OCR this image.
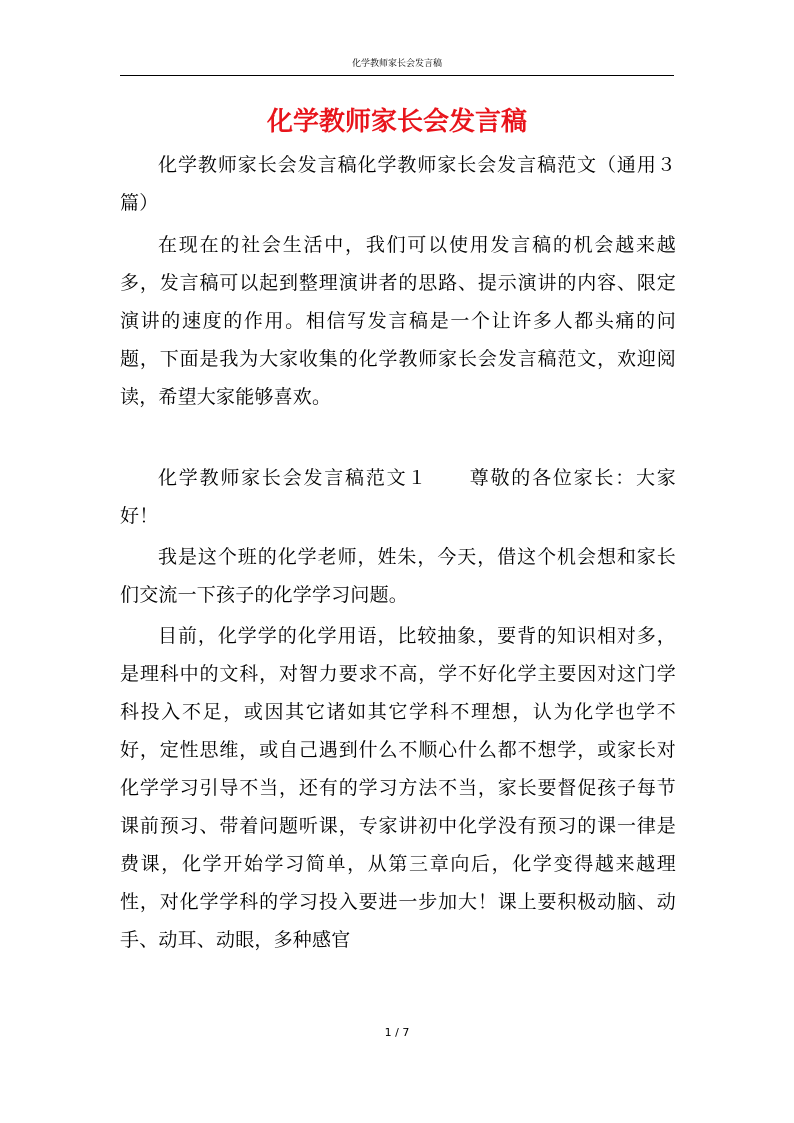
化学教师家长会发言稿
化学教师家长会发言稿

化学教师家长会发言稿化学教师家长会发言稿范文（通用３篇）

在现在的社会生活中，我们可以使用发言稿的机会越来越多，发言稿可以起到整理演讲者的思路、提示演讲的内容、限定演讲的速度的作用。相信写发言稿是一个让许多人都头痛的问题，下面是我为大家收集的化学教师家长会发言稿范文，欢迎阅读，希望大家能够喜欢。

化学教师家长会发言稿范文１　　尊敬的各位家长：大家好！

我是这个班的化学老师，姓朱，今天，借这个机会想和家长们交流一下孩子的化学学习问题。

目前，化学学的化学用语，比较抽象，要背的知识相对多，是理科中的文科，对智力要求不高，学不好化学主要因对这门学科投入不足，或因其它诸如其它学科不理想，认为化学也学不好，定性思维，或自己遇到什么不顺心什么都不想学，或家长对化学学习引导不当，还有的学习方法不当，家长要督促孩子每节课前预习、带着问题听课，专家讲初中化学没有预习的课一律是费课，化学开始学习简单，从第三章向后，化学变得越来越理性，对化学学科的学习投入要进一步加大！课上要积极动脑、动手、动耳、动眼，多种感官

1 / 7
